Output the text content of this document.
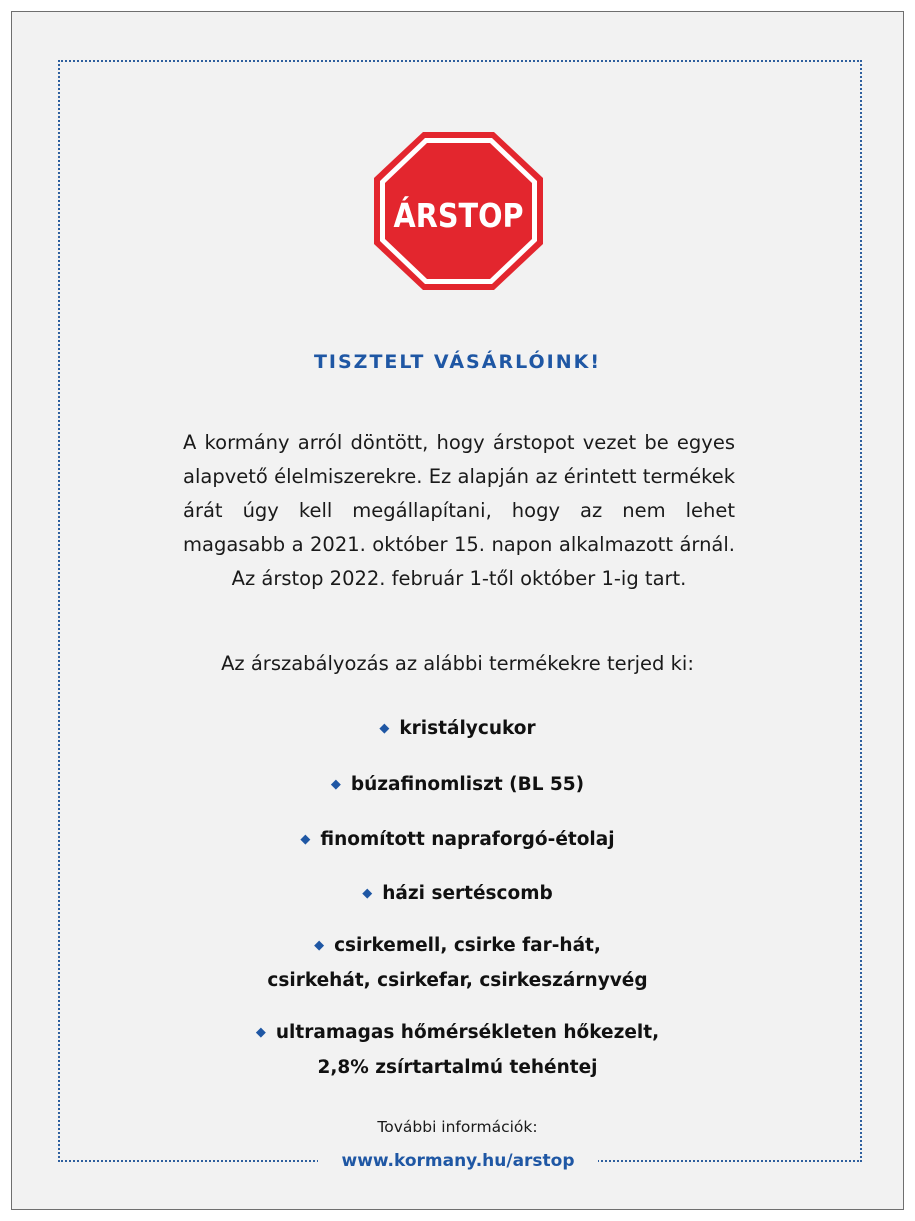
ÁRSTOP
TISZTELT VÁSÁRLÓINK!
A kormány arról döntött, hogy árstopot vezet be egyes alapvető élelmiszerekre. Ez alapján az érintett termékek árát úgy kell megállapítani, hogy az nem lehet magasabb a 2021. október 15. napon alkalmazott árnál. Az árstop 2022. február 1-től október 1-ig tart.
Az árszabályozás az alábbi termékekre terjed ki:
◆ kristálycukor
◆ búzafinomliszt (BL 55)
◆ finomított napraforgó-étolaj
◆ házi sertéscomb
◆ csirkemell, csirke far-hát,
csirkehát, csirkefar, csirkeszárnyvég
◆ ultramagas hőmérsékleten hőkezelt,
2,8% zsírtartalmú tehéntej
További információk:
www.kormany.hu/arstop
